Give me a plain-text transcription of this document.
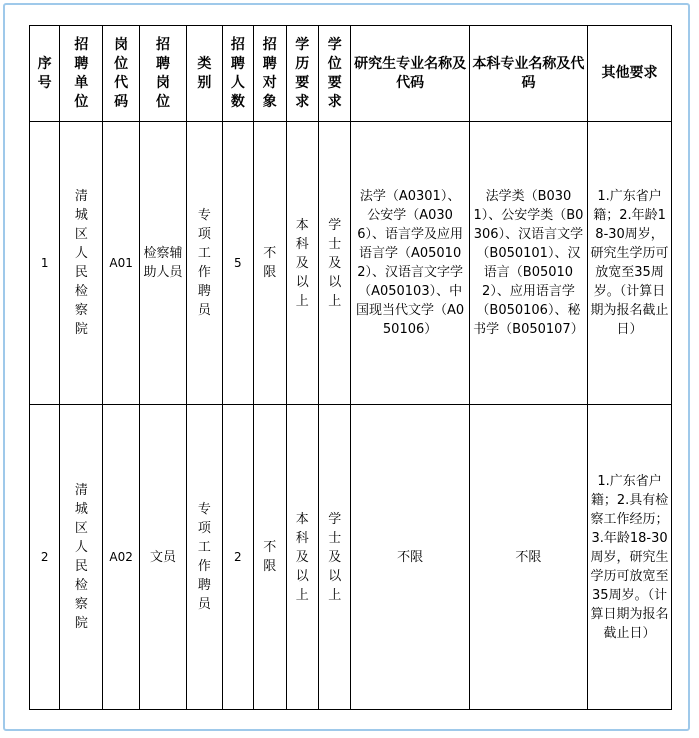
序号	招聘单位	岗位代码	招聘岗位	类别	招聘人数	招聘对象	学历要求	学位要求	研究生专业名称及代码	本科专业名称及代码	其他要求
1	清城区人民检察院	A01	检察辅助人员	专项工作聘员	5	不限	本科及以上	学士及以上	法学（A0301）、公安学（A0306）、语言学及应用语言学（A050102）、汉语言文字学（A050103）、中国现当代文学（A050106）	法学类（B0301）、公安学类（B0306）、汉语言文学（B050101）、汉语言（B050102）、应用语言学（B050106）、秘书学（B050107）	1.广东省户籍；2.年龄18-30周岁，研究生学历可放宽至35周岁。（计算日期为报名截止日）
2	清城区人民检察院	A02	文员	专项工作聘员	2	不限	本科及以上	学士及以上	不限	不限	1.广东省户籍；2.具有检察工作经历；3.年龄18-30周岁，研究生学历可放宽至35周岁。（计算日期为报名截止日）
